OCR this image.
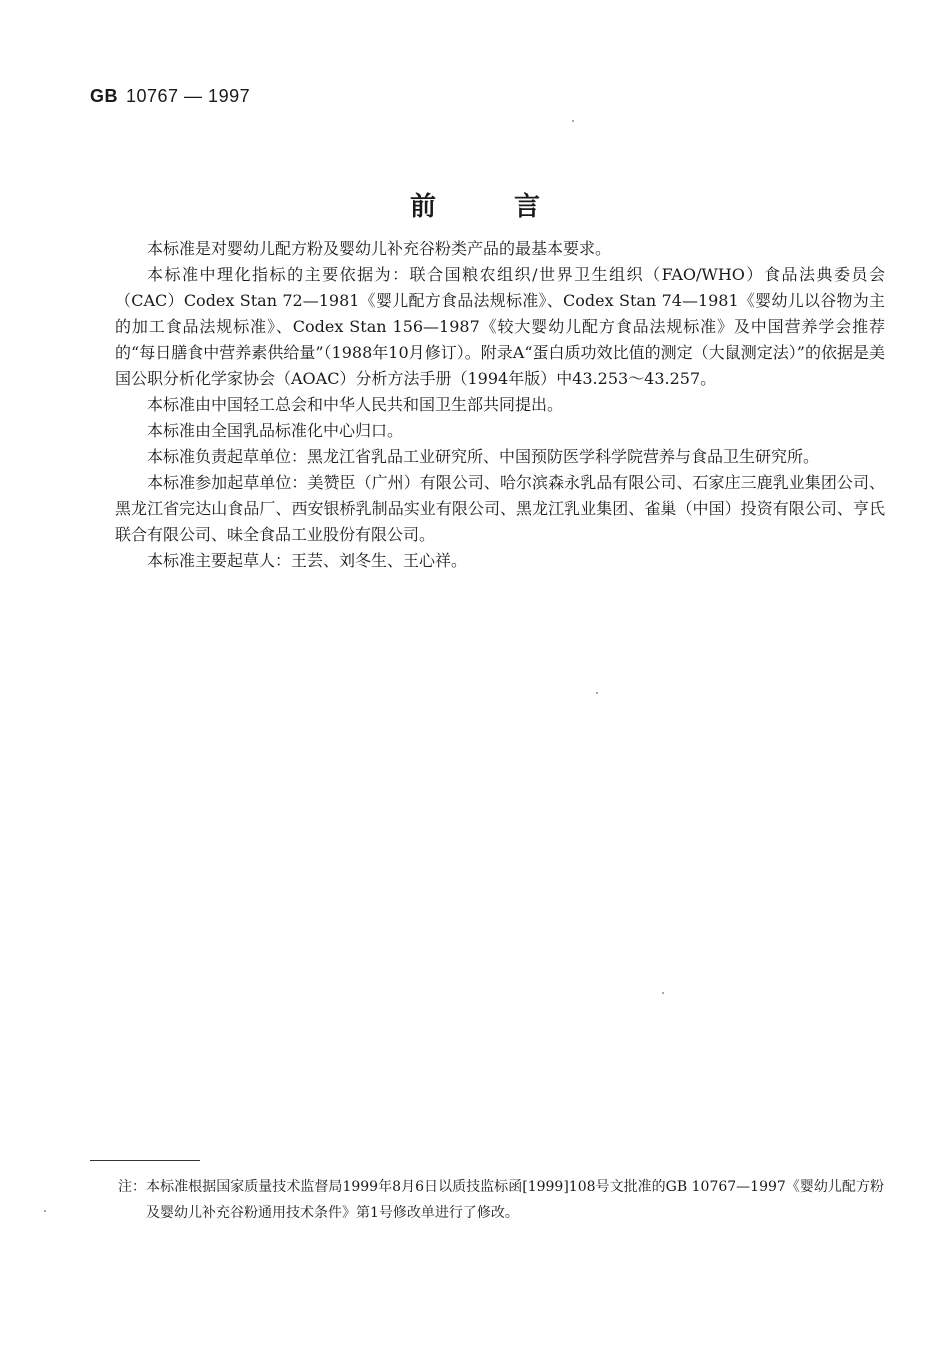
GB 10767 — 1997
前言

本标准是对婴幼儿配方粉及婴幼儿补充谷粉类产品的最基本要求。

本标准中理化指标的主要依据为：联合国粮农组织/世界卫生组织（FAO/WHO）食品法典委员会（CAC）Codex Stan 72—1981《婴儿配方食品法规标准》、Codex Stan 74—1981《婴幼儿以谷物为主的加工食品法规标准》、Codex Stan 156—1987《较大婴幼儿配方食品法规标准》及中国营养学会推荐的“每日膳食中营养素供给量”（1988年10月修订）。附录A“蛋白质功效比值的测定（大鼠测定法）”的依据是美国公职分析化学家协会（AOAC）分析方法手册（1994年版）中43.253～43.257。

本标准由中国轻工总会和中华人民共和国卫生部共同提出。

本标准由全国乳品标准化中心归口。

本标准负责起草单位：黑龙江省乳品工业研究所、中国预防医学科学院营养与食品卫生研究所。

本标准参加起草单位：美赞臣（广州）有限公司、哈尔滨森永乳品有限公司、石家庄三鹿乳业集团公司、黑龙江省完达山食品厂、西安银桥乳制品实业有限公司、黑龙江乳业集团、雀巢（中国）投资有限公司、亨氏联合有限公司、味全食品工业股份有限公司。

本标准主要起草人：王芸、刘冬生、王心祥。

注：本标准根据国家质量技术监督局1999年8月6日以质技监标函[1999]108号文批准的GB 10767—1997《婴幼儿配方粉及婴幼儿补充谷粉通用技术条件》第1号修改单进行了修改。
